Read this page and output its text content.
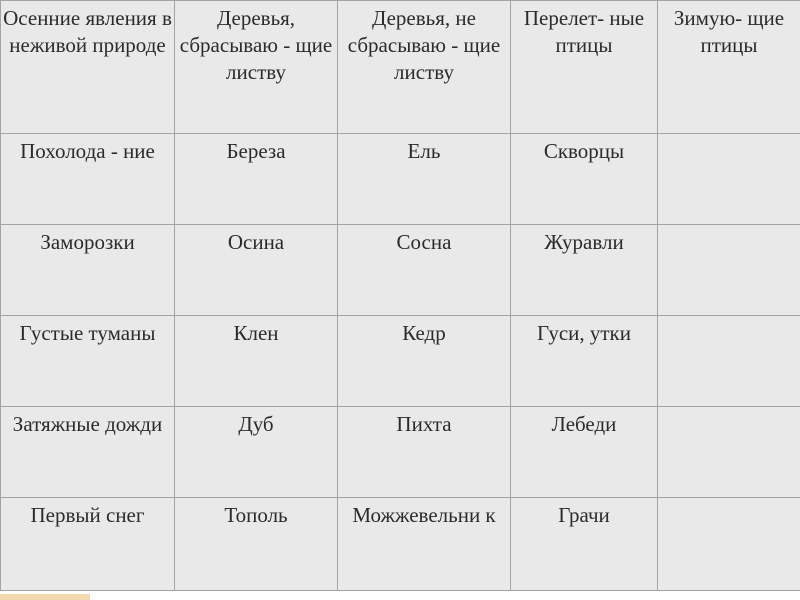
Осенние явления в неживой природе	Деревья, сбрасываю - щие листву	Деревья, не сбрасываю - щие листву	Перелет- ные птицы	Зимую- щие птицы
Похолода - ние	Береза	Ель	Скворцы	
Заморозки	Осина	Сосна	Журавли	
Густые туманы	Клен	Кедр	Гуси, утки	
Затяжные дожди	Дуб	Пихта	Лебеди	
Первый снег	Тополь	Можжевельни к	Грачи	
